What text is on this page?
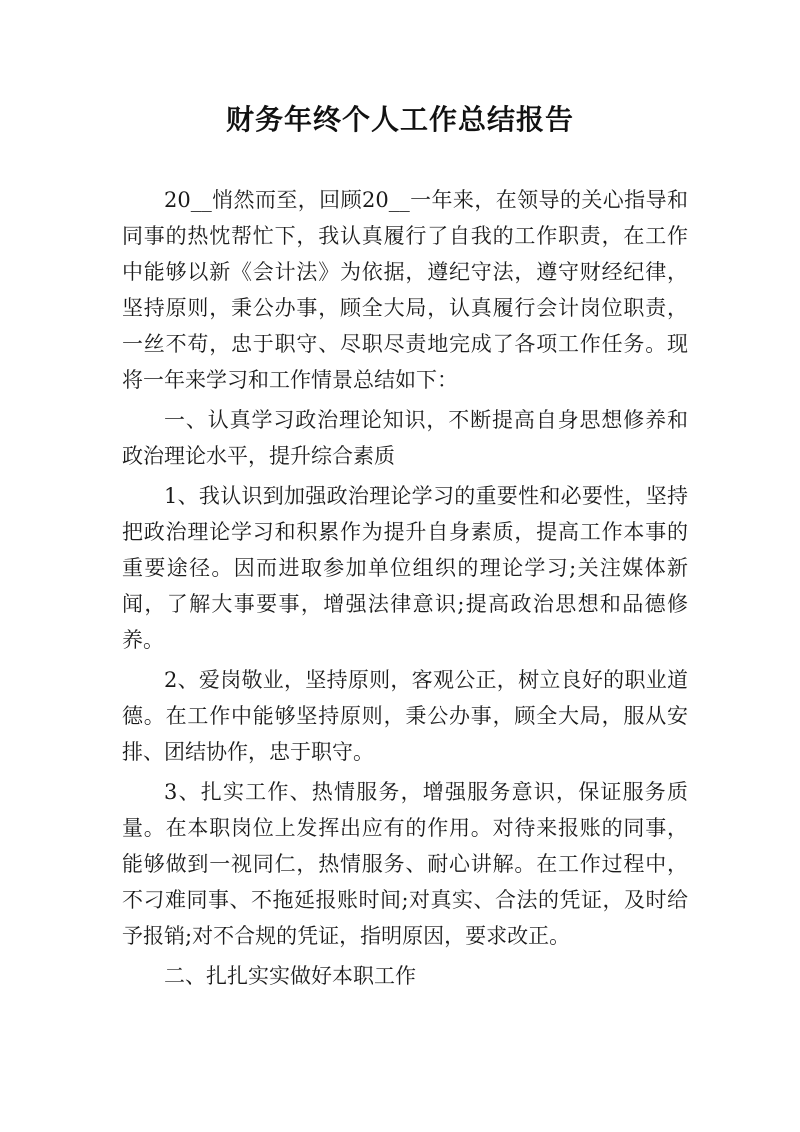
财务年终个人工作总结报告

20__悄然而至，回顾20__一年来，在领导的关心指导和同事的热忱帮忙下，我认真履行了自我的工作职责，在工作中能够以新《会计法》为依据，遵纪守法，遵守财经纪律，坚持原则，秉公办事，顾全大局，认真履行会计岗位职责，一丝不苟，忠于职守、尽职尽责地完成了各项工作任务。现将一年来学习和工作情景总结如下：

一、认真学习政治理论知识，不断提高自身思想修养和政治理论水平，提升综合素质

1、我认识到加强政治理论学习的重要性和必要性，坚持把政治理论学习和积累作为提升自身素质，提高工作本事的重要途径。因而进取参加单位组织的理论学习;关注媒体新闻，了解大事要事，增强法律意识;提高政治思想和品德修养。

2、爱岗敬业，坚持原则，客观公正，树立良好的职业道德。在工作中能够坚持原则，秉公办事，顾全大局，服从安排、团结协作，忠于职守。

3、扎实工作、热情服务，增强服务意识，保证服务质量。在本职岗位上发挥出应有的作用。对待来报账的同事，能够做到一视同仁，热情服务、耐心讲解。在工作过程中，不刁难同事、不拖延报账时间;对真实、合法的凭证，及时给予报销;对不合规的凭证，指明原因，要求改正。

二、扎扎实实做好本职工作
